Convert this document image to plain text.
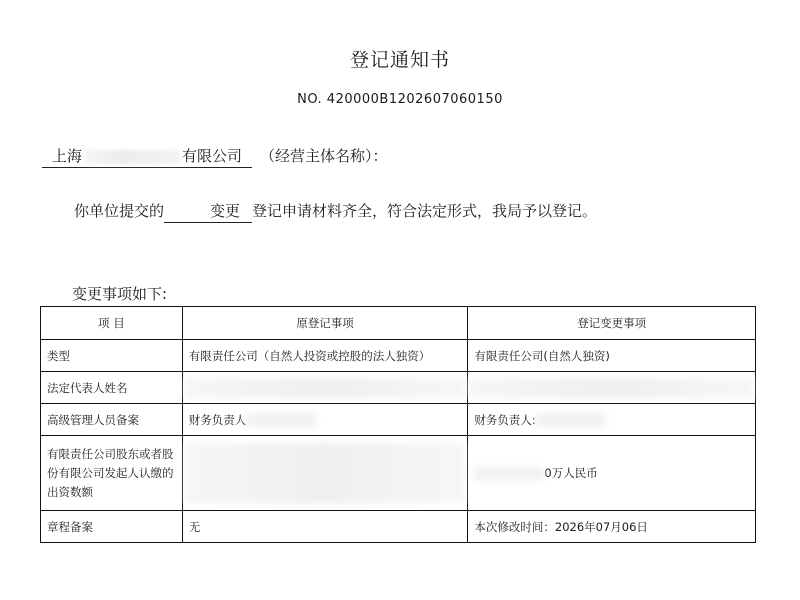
登记通知书
NO. 420000B1202607060150
上海	有限公司 （经营主体名称）：
你单位提交的	变更 登记申请材料齐全，符合法定形式，我局予以登记。
变更事项如下:
项 目	原登记事项	登记变更事项
类型	有限责任公司（自然人投资或控股的法人独资）	有限责任公司(自然人独资)
法定代表人姓名	

高级管理人员备案	财务负责人	财务负责人:
有限责任公司股东或者股份有限公司发起人认缴的出资数额		0万人民币
章程备案	无	本次修改时间：2026年07月06日
